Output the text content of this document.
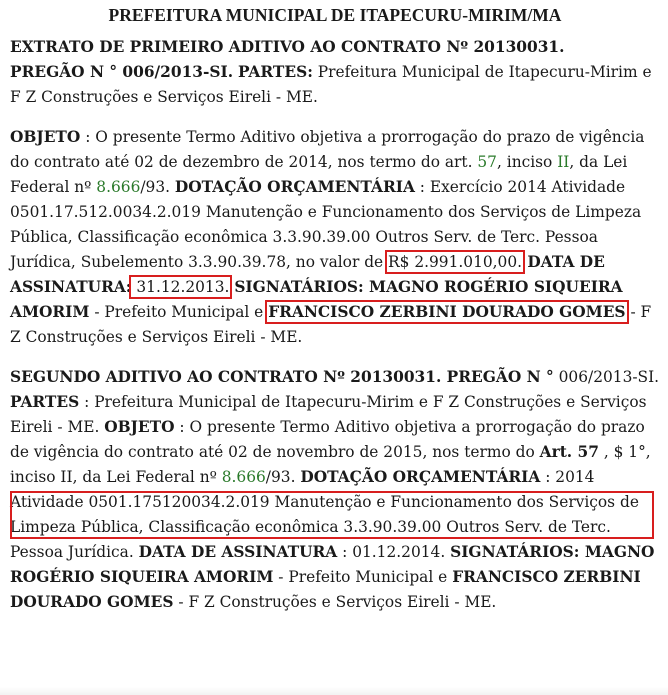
PREFEITURA MUNICIPAL DE ITAPECURU-MIRIM/MA

EXTRATO DE PRIMEIRO ADITIVO AO CONTRATO Nº 20130031.
PREGÃO N ° 006/2013-SI. PARTES: Prefeitura Municipal de Itapecuru-Mirim e F Z Construções e Serviços Eireli - ME.

OBJETO : O presente Termo Aditivo objetiva a prorrogação do prazo de vigência do contrato até 02 de dezembro de 2014, nos termo do art. 57, inciso II, da Lei Federal nº 8.666/93. DOTAÇÃO ORÇAMENTÁRIA : Exercício 2014 Atividade 0501.17.512.0034.2.019 Manutenção e Funcionamento dos Serviços de Limpeza Pública, Classificação econômica 3.3.90.39.00 Outros Serv. de Terc. Pessoa Jurídica, Subelemento 3.3.90.39.78, no valor de R$ 2.991.010,00. DATA DE ASSINATURA: 31.12.2013. SIGNATÁRIOS: MAGNO ROGÉRIO SIQUEIRA AMORIM - Prefeito Municipal e FRANCISCO ZERBINI DOURADO GOMES - F Z Construções e Serviços Eireli - ME.

SEGUNDO ADITIVO AO CONTRATO Nº 20130031. PREGÃO N ° 006/2013-SI. PARTES : Prefeitura Municipal de Itapecuru-Mirim e F Z Construções e Serviços Eireli - ME. OBJETO : O presente Termo Aditivo objetiva a prorrogação do prazo de vigência do contrato até 02 de novembro de 2015, nos termo do Art. 57 , $ 1°, inciso II, da Lei Federal nº 8.666/93. DOTAÇÃO ORÇAMENTÁRIA : 2014 Atividade 0501.175120034.2.019 Manutenção e Funcionamento dos Serviços de Limpeza Pública, Classificação econômica 3.3.90.39.00 Outros Serv. de Terc. Pessoa Jurídica. DATA DE ASSINATURA : 01.12.2014. SIGNATÁRIOS: MAGNO ROGÉRIO SIQUEIRA AMORIM - Prefeito Municipal e FRANCISCO ZERBINI DOURADO GOMES - F Z Construções e Serviços Eireli - ME.
